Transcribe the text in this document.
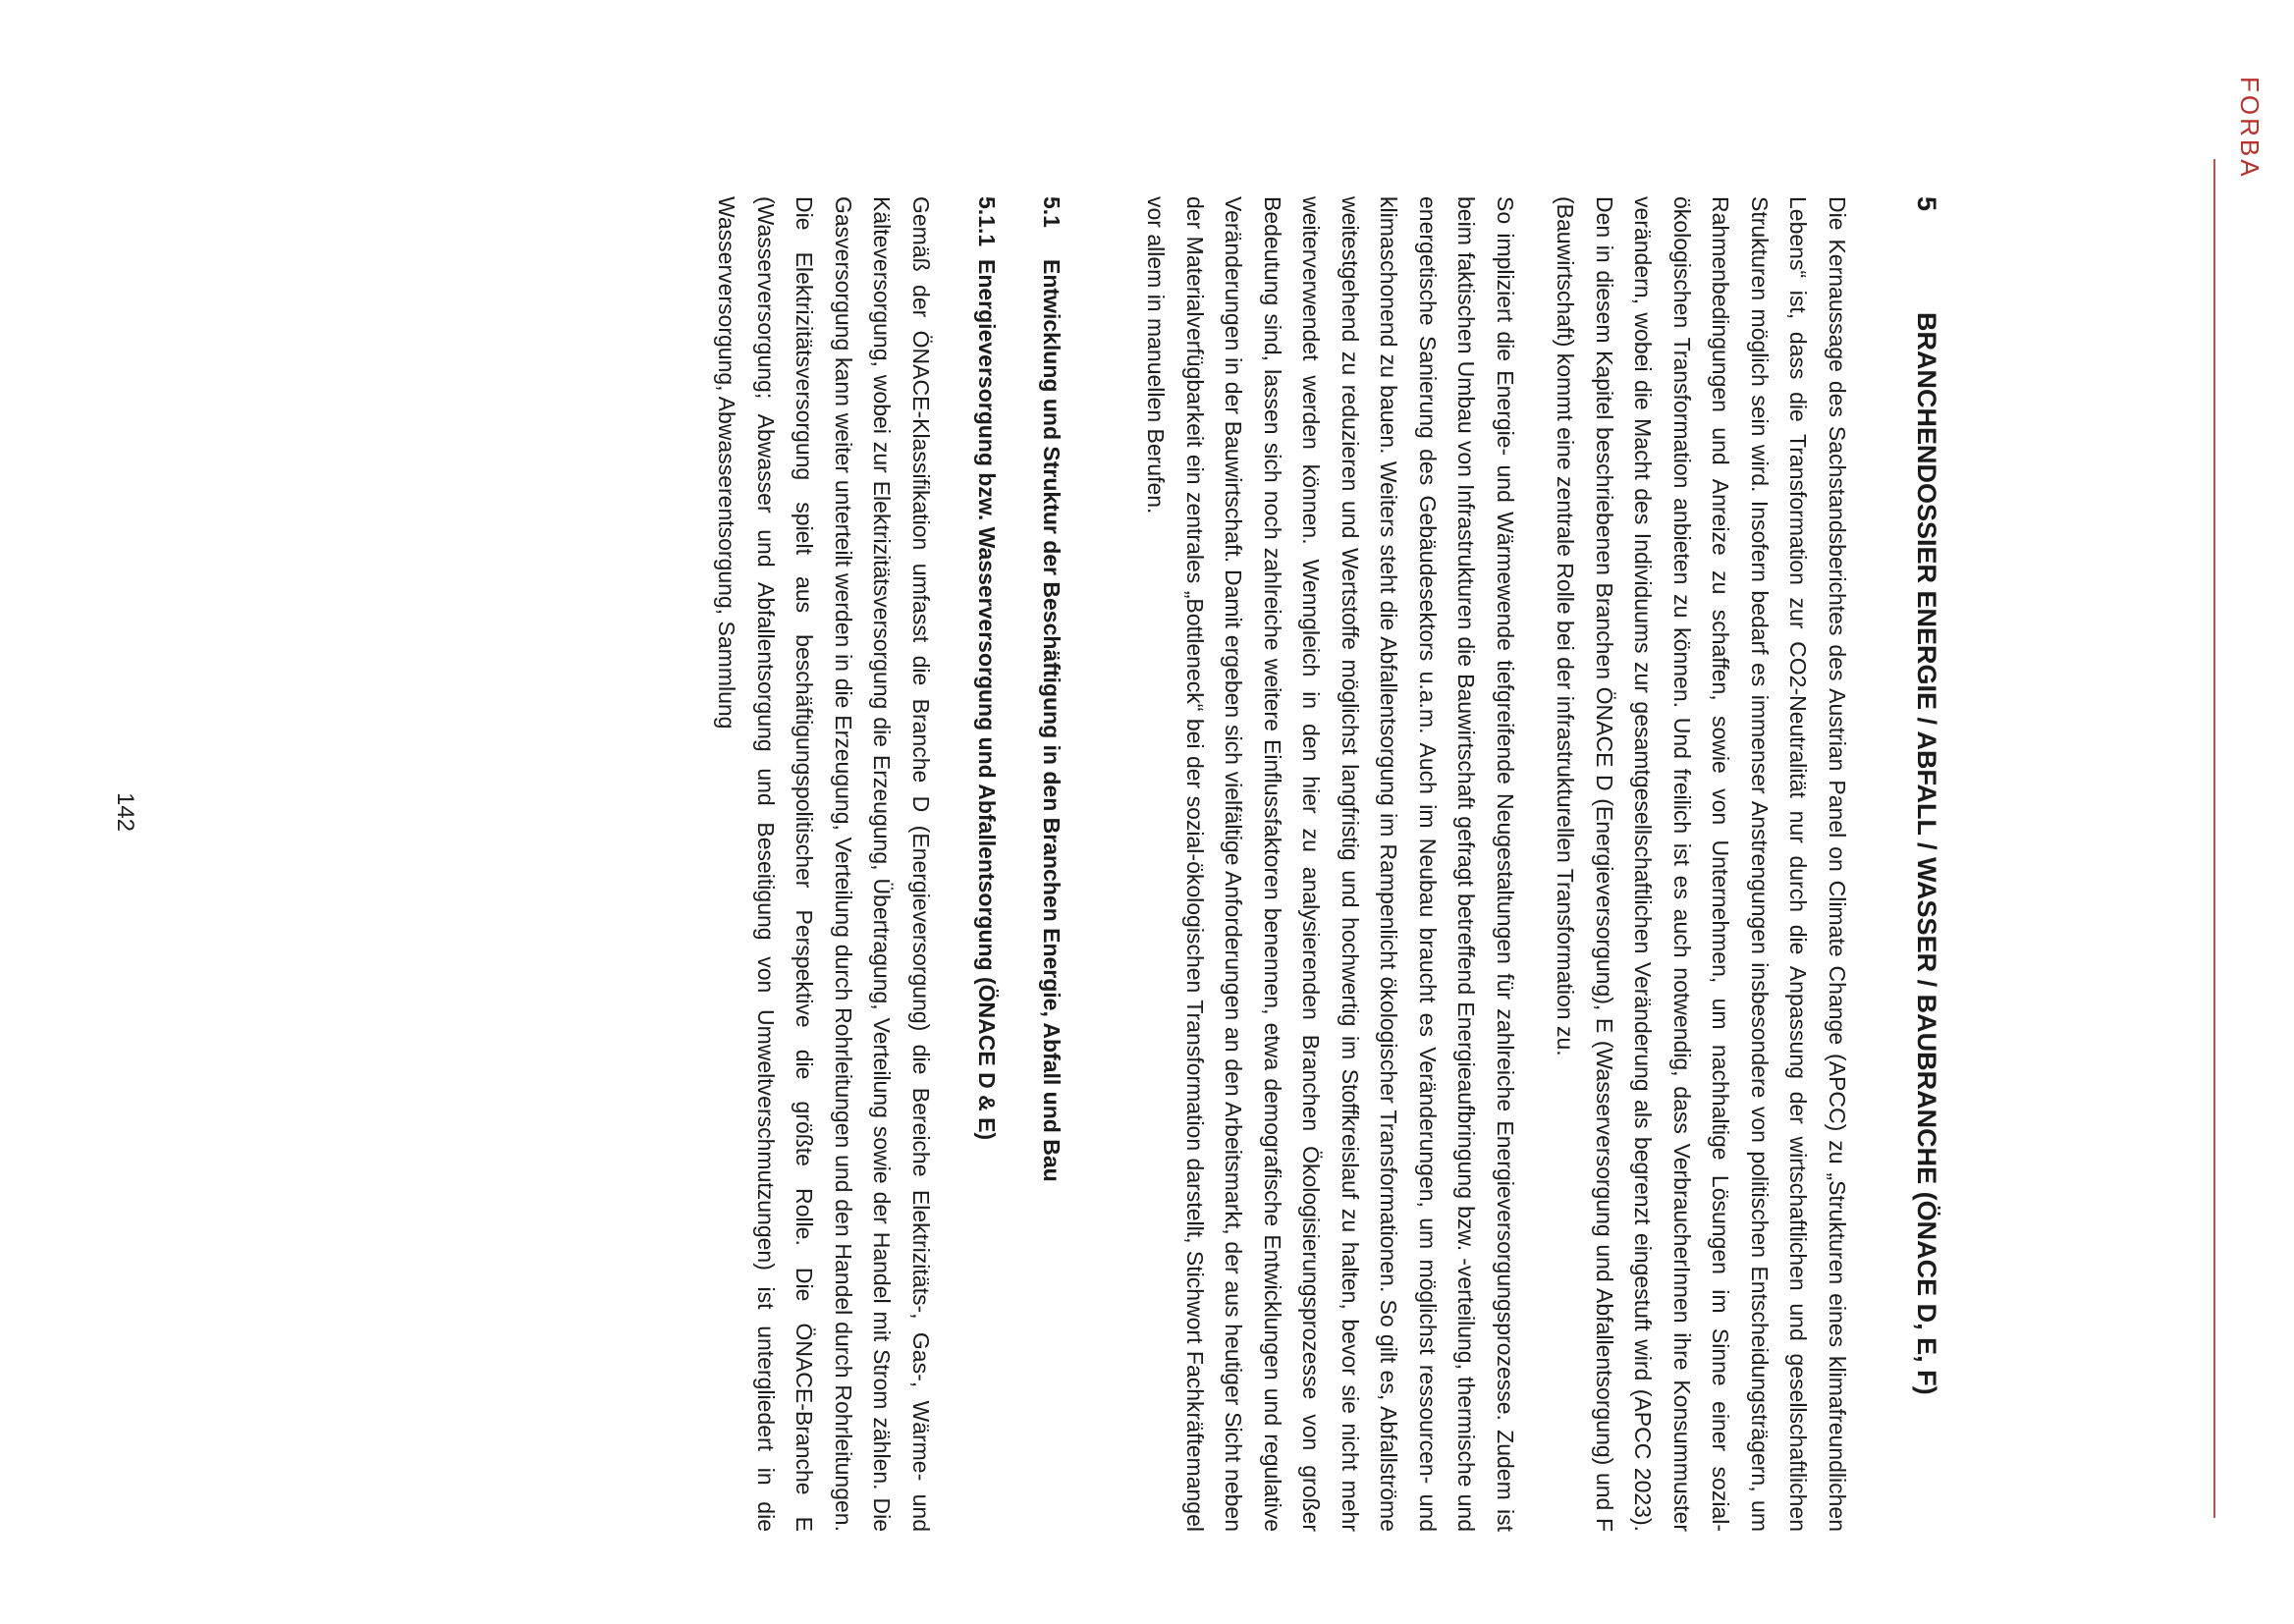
FORBA
5
BRANCHENDOSSIER ENERGIE / ABFALL / WASSER / BAUBRANCHE (ÖNACE D, E, F)

Die Kernaussage des Sachstandsberichtes des Austrian Panel on Climate Change (APCC) zu „Strukturen eines klimafreundlichen Lebens“ ist, dass die Transformation zur CO2-Neutralität nur durch die Anpassung der wirtschaftlichen und gesellschaftlichen Strukturen möglich sein wird. Insofern bedarf es immenser Anstrengungen insbesondere von politischen Entscheidungsträgern, um Rahmenbedingungen und Anreize zu schaffen, sowie von Unternehmen, um nachhaltige Lösungen im Sinne einer sozial-ökologischen Transformation anbieten zu können. Und freilich ist es auch notwendig, dass VerbraucherInnen ihre Konsummuster verändern, wobei die Macht des Individuums zur gesamtgesellschaftlichen Veränderung als begrenzt eingestuft wird (APCC 2023). Den in diesem Kapitel beschriebenen Branchen ÖNACE D (Energieversorgung), E (Wasserversorgung und Abfallentsorgung) und F (Bauwirtschaft) kommt eine zentrale Rolle bei der infrastrukturellen Transformation zu.

So impliziert die Energie- und Wärmewende tiefgreifende Neugestaltungen für zahlreiche Energieversorgungsprozesse. Zudem ist beim faktischen Umbau von Infrastrukturen die Bauwirtschaft gefragt betreffend Energieaufbringung bzw. -verteilung, thermische und energetische Sanierung des Gebäudesektors u.a.m. Auch im Neubau braucht es Veränderungen, um möglichst ressourcen- und klimaschonend zu bauen. Weiters steht die Abfallentsorgung im Rampenlicht ökologischer Transformationen. So gilt es, Abfallströme weitestgehend zu reduzieren und Wertstoffe möglichst langfristig und hochwertig im Stoffkreislauf zu halten, bevor sie nicht mehr weiterverwendet werden können. Wenngleich in den hier zu analysierenden Branchen Ökologisierungsprozesse von großer Bedeutung sind, lassen sich noch zahlreiche weitere Einflussfaktoren benennen, etwa demografische Entwicklungen und regulative Veränderungen in der Bauwirtschaft. Damit ergeben sich vielfältige Anforderungen an den Arbeitsmarkt, der aus heutiger Sicht neben der Materialverfügbarkeit ein zentrales „Bottleneck“ bei der sozial-ökologischen Transformation darstellt, Stichwort Fachkräftemangel vor allem in manuellen Berufen.

5.1
Entwicklung und Struktur der Beschäftigung in den Branchen Energie, Abfall und Bau
5.1.1
Energieversorgung bzw. Wasserversorgung und Abfallentsorgung (ÖNACE D & E)

Gemäß der ÖNACE-Klassifikation umfasst die Branche D (Energieversorgung) die Bereiche Elektrizitäts-, Gas-, Wärme- und Kälteversorgung, wobei zur Elektrizitätsversorgung die Erzeugung, Übertragung, Verteilung sowie der Handel mit Strom zählen. Die Gasversorgung kann weiter unterteilt werden in die Erzeugung, Verteilung durch Rohrleitungen und den Handel durch Rohrleitungen. Die Elektrizitätsversorgung spielt aus beschäftigungspolitischer Perspektive die größte Rolle. Die ÖNACE-Branche E (Wasserversorgung; Abwasser und Abfallentsorgung und Beseitigung von Umweltverschmutzungen) ist untergliedert in die Wasserversorgung, Abwasserentsorgung, Sammlung

142
